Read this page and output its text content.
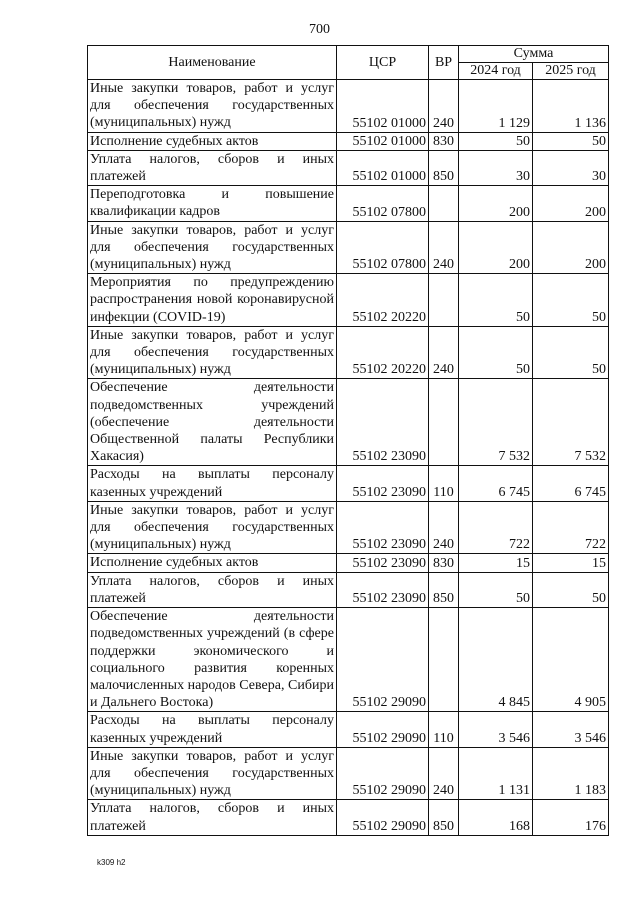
700
Наименование	ЦСР	ВР	Сумма	
			2024 год	2025 год
Иные закупки товаров, работ и услуг для обеспечения государственных (муниципальных) нужд	55102 01000	240	1 129	1 136
Исполнение судебных актов	55102 01000	830	50	50
Уплата налогов, сборов и иных платежей	55102 01000	850	30	30
Переподготовка и повышение квалификации кадров	55102 07800		200	200
Иные закупки товаров, работ и услуг для обеспечения государственных (муниципальных) нужд	55102 07800	240	200	200
Мероприятия по предупреждению распространения новой коронавирусной инфекции (COVID-19)	55102 20220		50	50
Иные закупки товаров, работ и услуг для обеспечения государственных (муниципальных) нужд	55102 20220	240	50	50
Обеспечение деятельности подведомственных учреждений (обеспечение деятельности Общественной палаты Республики Хакасия)	55102 23090		7 532	7 532
Расходы на выплаты персоналу казенных учреждений	55102 23090	110	6 745	6 745
Иные закупки товаров, работ и услуг для обеспечения государственных (муниципальных) нужд	55102 23090	240	722	722
Исполнение судебных актов	55102 23090	830	15	15
Уплата налогов, сборов и иных платежей	55102 23090	850	50	50
Обеспечение деятельности подведомственных учреждений (в сфере поддержки экономического и социального развития коренных малочисленных народов Севера, Сибири и Дальнего Востока)	55102 29090		4 845	4 905
Расходы на выплаты персоналу казенных учреждений	55102 29090	110	3 546	3 546
Иные закупки товаров, работ и услуг для обеспечения государственных (муниципальных) нужд	55102 29090	240	1 131	1 183
Уплата налогов, сборов и иных платежей	55102 29090	850	168	176
k309 h2
